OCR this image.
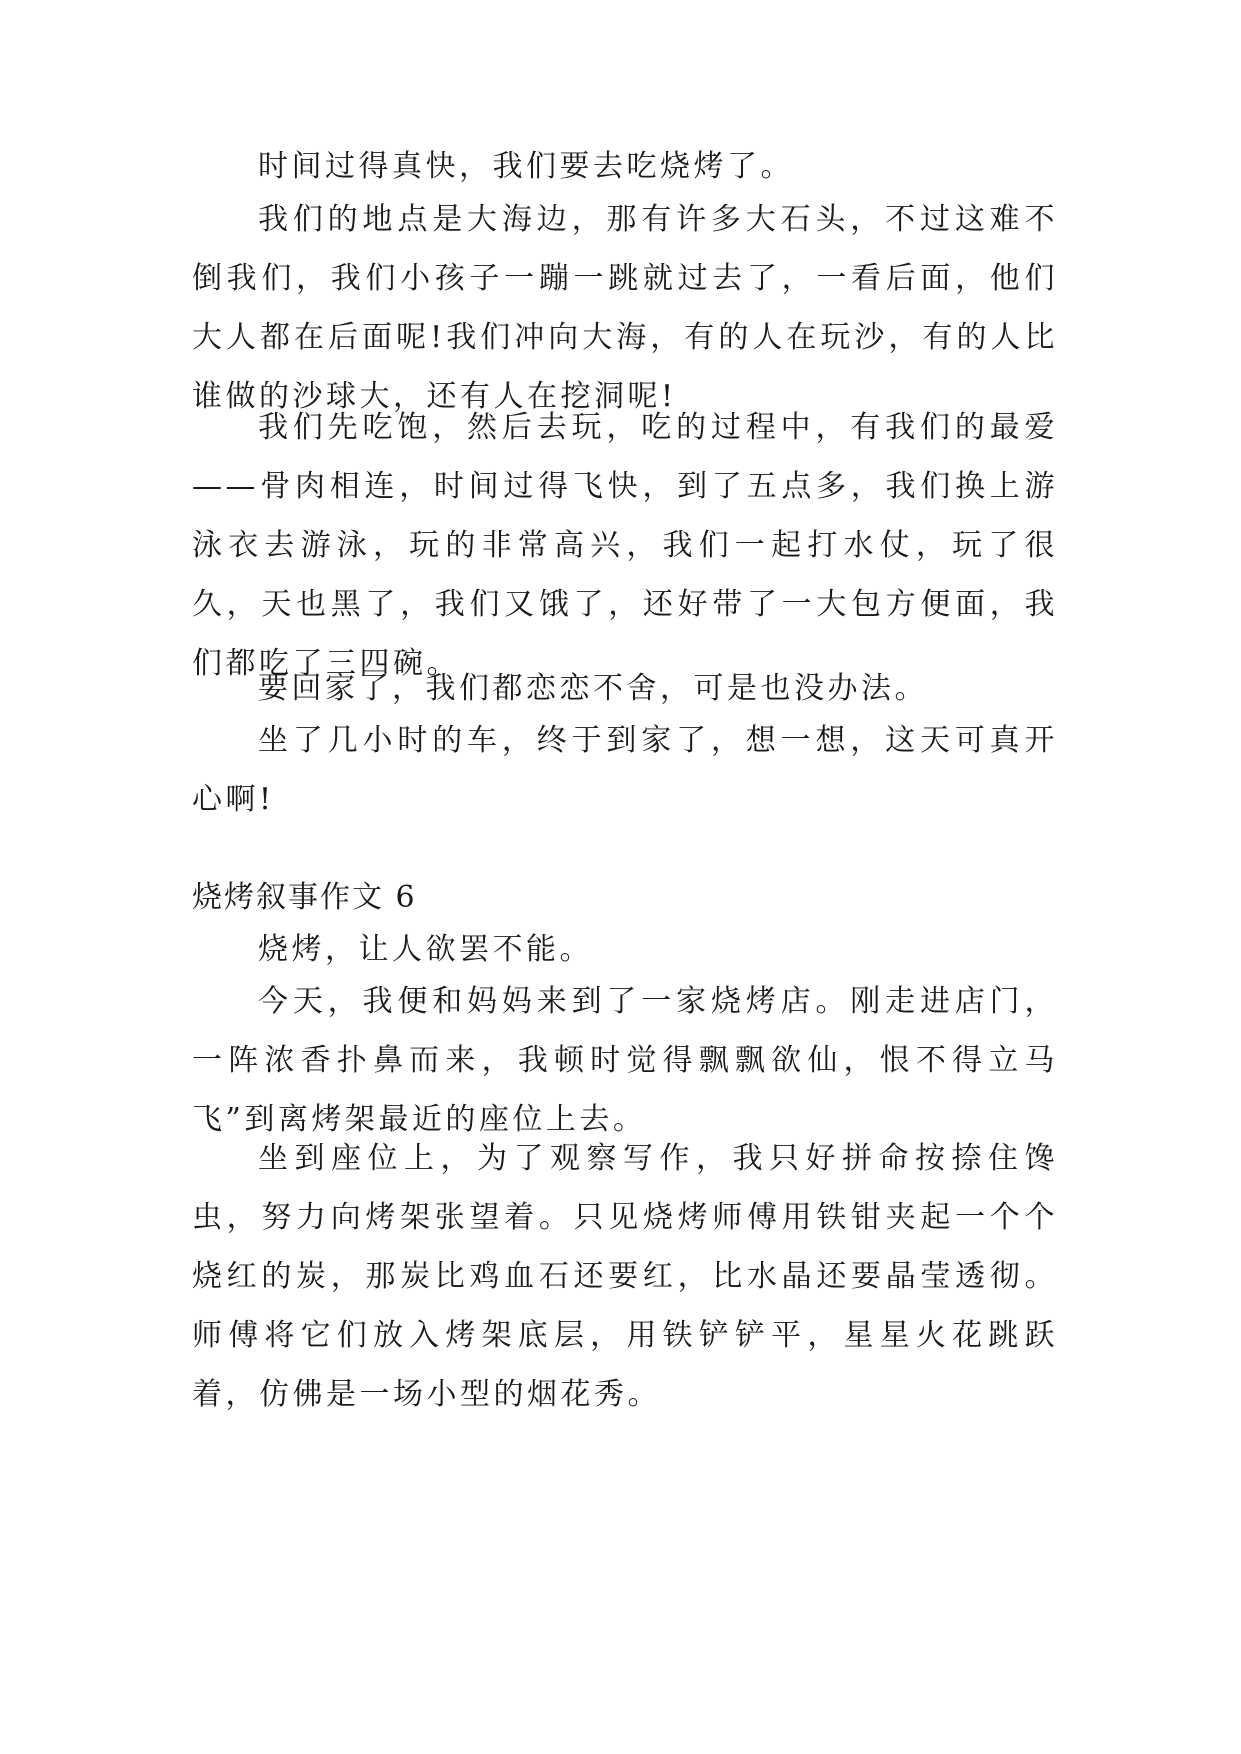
时间过得真快，我们要去吃烧烤了。

我们的地点是大海边，那有许多大石头，不过这难不倒我们，我们小孩子一蹦一跳就过去了，一看后面，他们大人都在后面呢!我们冲向大海，有的人在玩沙，有的人比谁做的沙球大，还有人在挖洞呢!

我们先吃饱，然后去玩，吃的过程中，有我们的最爱——骨肉相连，时间过得飞快，到了五点多，我们换上游泳衣去游泳，玩的非常高兴，我们一起打水仗，玩了很久，天也黑了，我们又饿了，还好带了一大包方便面，我们都吃了三四碗。

要回家了，我们都恋恋不舍，可是也没办法。

坐了几小时的车，终于到家了，想一想，这天可真开心啊!

烧烤叙事作文 6

烧烤，让人欲罢不能。

今天，我便和妈妈来到了一家烧烤店。刚走进店门，一阵浓香扑鼻而来，我顿时觉得飘飘欲仙，恨不得立马飞”到离烤架最近的座位上去。

坐到座位上，为了观察写作，我只好拼命按捺住馋虫，努力向烤架张望着。只见烧烤师傅用铁钳夹起一个个烧红的炭，那炭比鸡血石还要红，比水晶还要晶莹透彻。师傅将它们放入烤架底层，用铁铲铲平，星星火花跳跃着，仿佛是一场小型的烟花秀。
